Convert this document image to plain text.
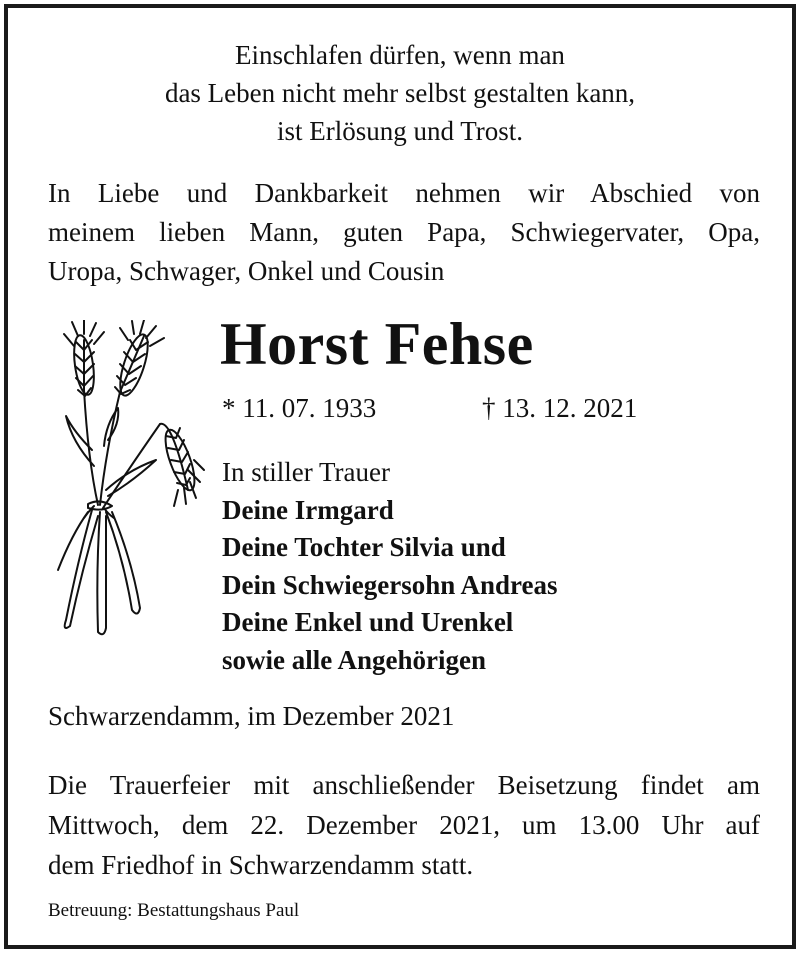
Einschlafen dürfen, wenn man
das Leben nicht mehr selbst gestalten kann,
ist Erlösung und Trost.
In Liebe und Dankbarkeit nehmen wir Abschied von
meinem lieben Mann, guten Papa, Schwiegervater, Opa,
Uropa, Schwager, Onkel und Cousin
Horst Fehse
* 11. 07. 1933	† 13. 12. 2021
In stiller Trauer
Deine Irmgard
Deine Tochter Silvia und
Dein Schwiegersohn Andreas
Deine Enkel und Urenkel
sowie alle Angehörigen
Schwarzendamm, im Dezember 2021
Die Trauerfeier mit anschließender Beisetzung findet am
Mittwoch, dem 22. Dezember 2021, um 13.00 Uhr auf
dem Friedhof in Schwarzendamm statt.
Betreuung: Bestattungshaus Paul
